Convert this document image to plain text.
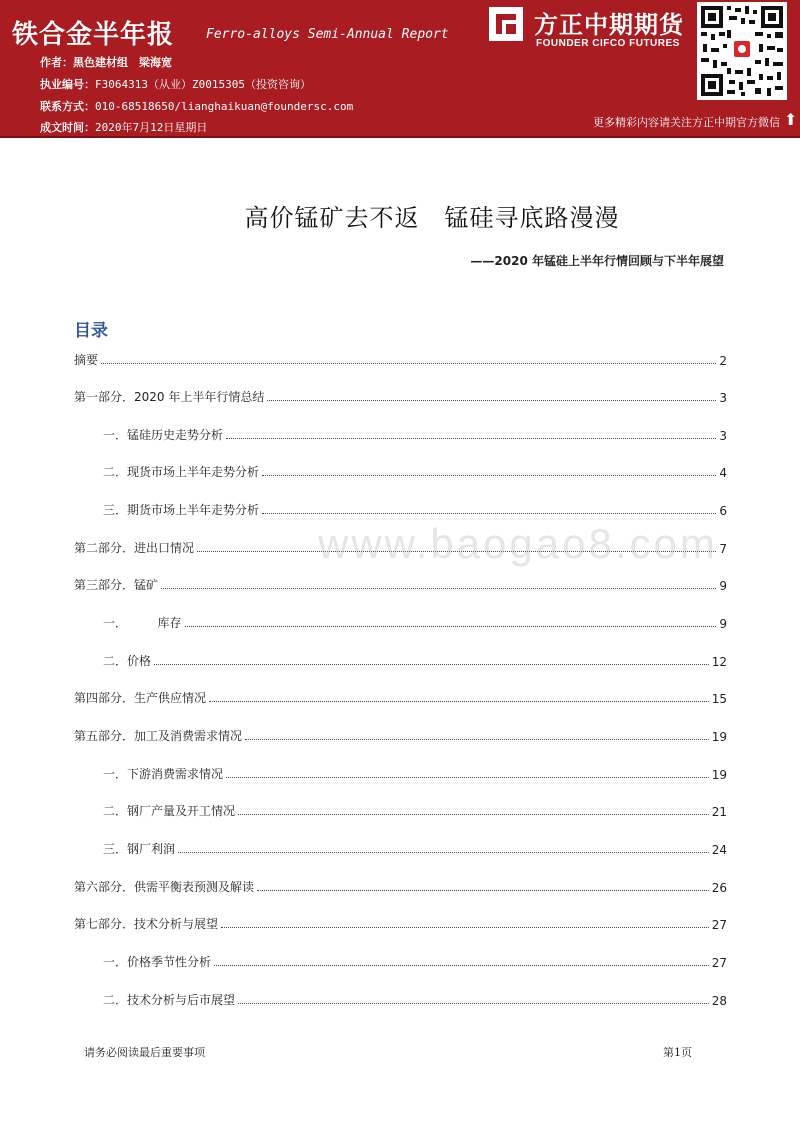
铁合金半年报 Ferro-alloys Semi-Annual Report
作者：黑色建材组　梁海宽
执业编号：F3064313（从业）Z0015305（投资咨询）
联系方式：010-68518650/lianghaikuan@foundersc.com
成文时间：2020年7月12日星期日
方正中期期货
FOUNDER CIFCO FUTURES
更多精彩内容请关注方正中期官方微信 ⬆
高价锰矿去不返　锰硅寻底路漫漫
——2020 年锰硅上半年行情回顾与下半年展望
目录
摘要	2
第一部分．2020 年上半年行情总结	3
一．锰硅历史走势分析	3
二．现货市场上半年走势分析	4
三．期货市场上半年走势分析	6
第二部分．进出口情况	7
第三部分．锰矿	9
一．        库存	9
二．价格	12
第四部分．生产供应情况	15
第五部分．加工及消费需求情况	19
一．下游消费需求情况	19
二．钢厂产量及开工情况	21
三．钢厂利润	24
第六部分．供需平衡表预测及解读	26
第七部分．技术分析与展望	27
一．价格季节性分析	27
二．技术分析与后市展望	28
www.baogao8.com
请务必阅读最后重要事项	第1页
